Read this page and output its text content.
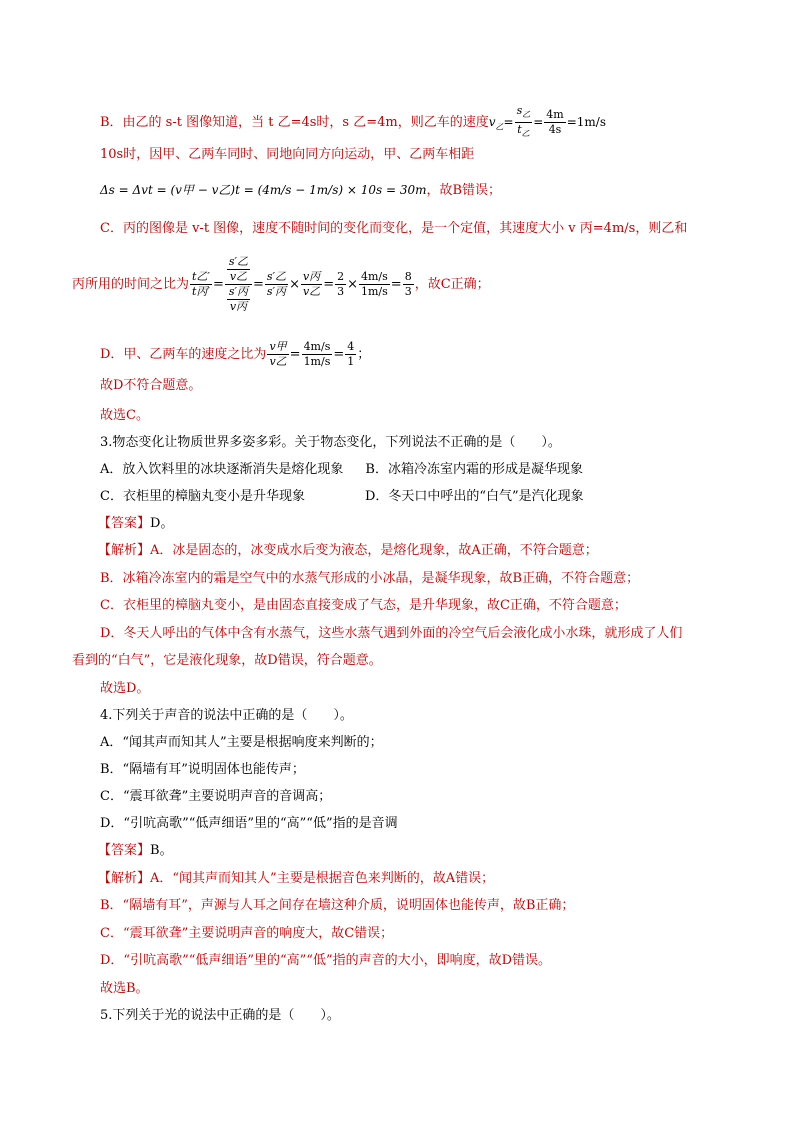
B．由乙的 s-t 图像知道，当 t 乙=4s时，s 乙=4m，则乙车的速度$v_乙= \frac{s_乙}{t_乙} = \frac{4m}{4s} =1m/s$
10s时，因甲、乙两车同时、同地向同方向运动，甲、乙两车相距
Δs = Δvt = (v甲 − v乙)t = (4m/s − 1m/s) × 10s = 30m，故B错误；
C．丙的图像是 v-t 图像，速度不随时间的变化而变化，是一个定值，其速度大小 v 丙=4m/s，则乙和
丙所用的时间之比为 $\frac{\text{t乙′}}{\text{t丙′}} = \frac{\frac{\text{s′乙}}{\text{v乙}}}{\frac{\text{s′丙}}{\text{v丙}}} = \frac{\text{s′乙}}{\text{s′丙}} \times \frac{\text{v丙}}{\text{v乙}} = \frac{2}{3} \times \frac{4m/s}{1m/s} = \frac{8}{3}$ ，故C正确；
D．甲、乙两车的速度之比为 $\frac{\text{v甲}}{\text{v乙}} = \frac{4m/s}{1m/s} = \frac{4}{1}$ ；
故D不符合题意。
故选C。
3.物态变化让物质世界多姿多彩。关于物态变化，下列说法不正确的是（　　）。
A．放入饮料里的冰块逐渐消失是熔化现象 B．冰箱冷冻室内霜的形成是凝华现象
C．衣柜里的樟脑丸变小是升华现象	D．冬天口中呼出的“白气”是汽化现象
【答案】D。
【解析】A．冰是固态的，冰变成水后变为液态，是熔化现象，故A正确，不符合题意；
B．冰箱冷冻室内的霜是空气中的水蒸气形成的小冰晶，是凝华现象，故B正确，不符合题意；
C．衣柜里的樟脑丸变小，是由固态直接变成了气态，是升华现象，故C正确，不符合题意；
D．冬天人呼出的气体中含有水蒸气，这些水蒸气遇到外面的冷空气后会液化成小水珠，就形成了人们
看到的“白气”，它是液化现象，故D错误，符合题意。
故选D。
4.下列关于声音的说法中正确的是（　　）。
A．“闻其声而知其人”主要是根据响度来判断的；
B．“隔墙有耳”说明固体也能传声；
C．“震耳欲聋”主要说明声音的音调高；
D．“引吭高歌”“低声细语”里的“高”“低”指的是音调
【答案】B。
【解析】A．“闻其声而知其人”主要是根据音色来判断的，故A错误；
B．“隔墙有耳”，声源与人耳之间存在墙这种介质，说明固体也能传声，故B正确；
C．“震耳欲聋”主要说明声音的响度大，故C错误；
D．“引吭高歌”“低声细语”里的“高”“低”指的声音的大小，即响度，故D错误。
故选B。
5.下列关于光的说法中正确的是（　　）。
